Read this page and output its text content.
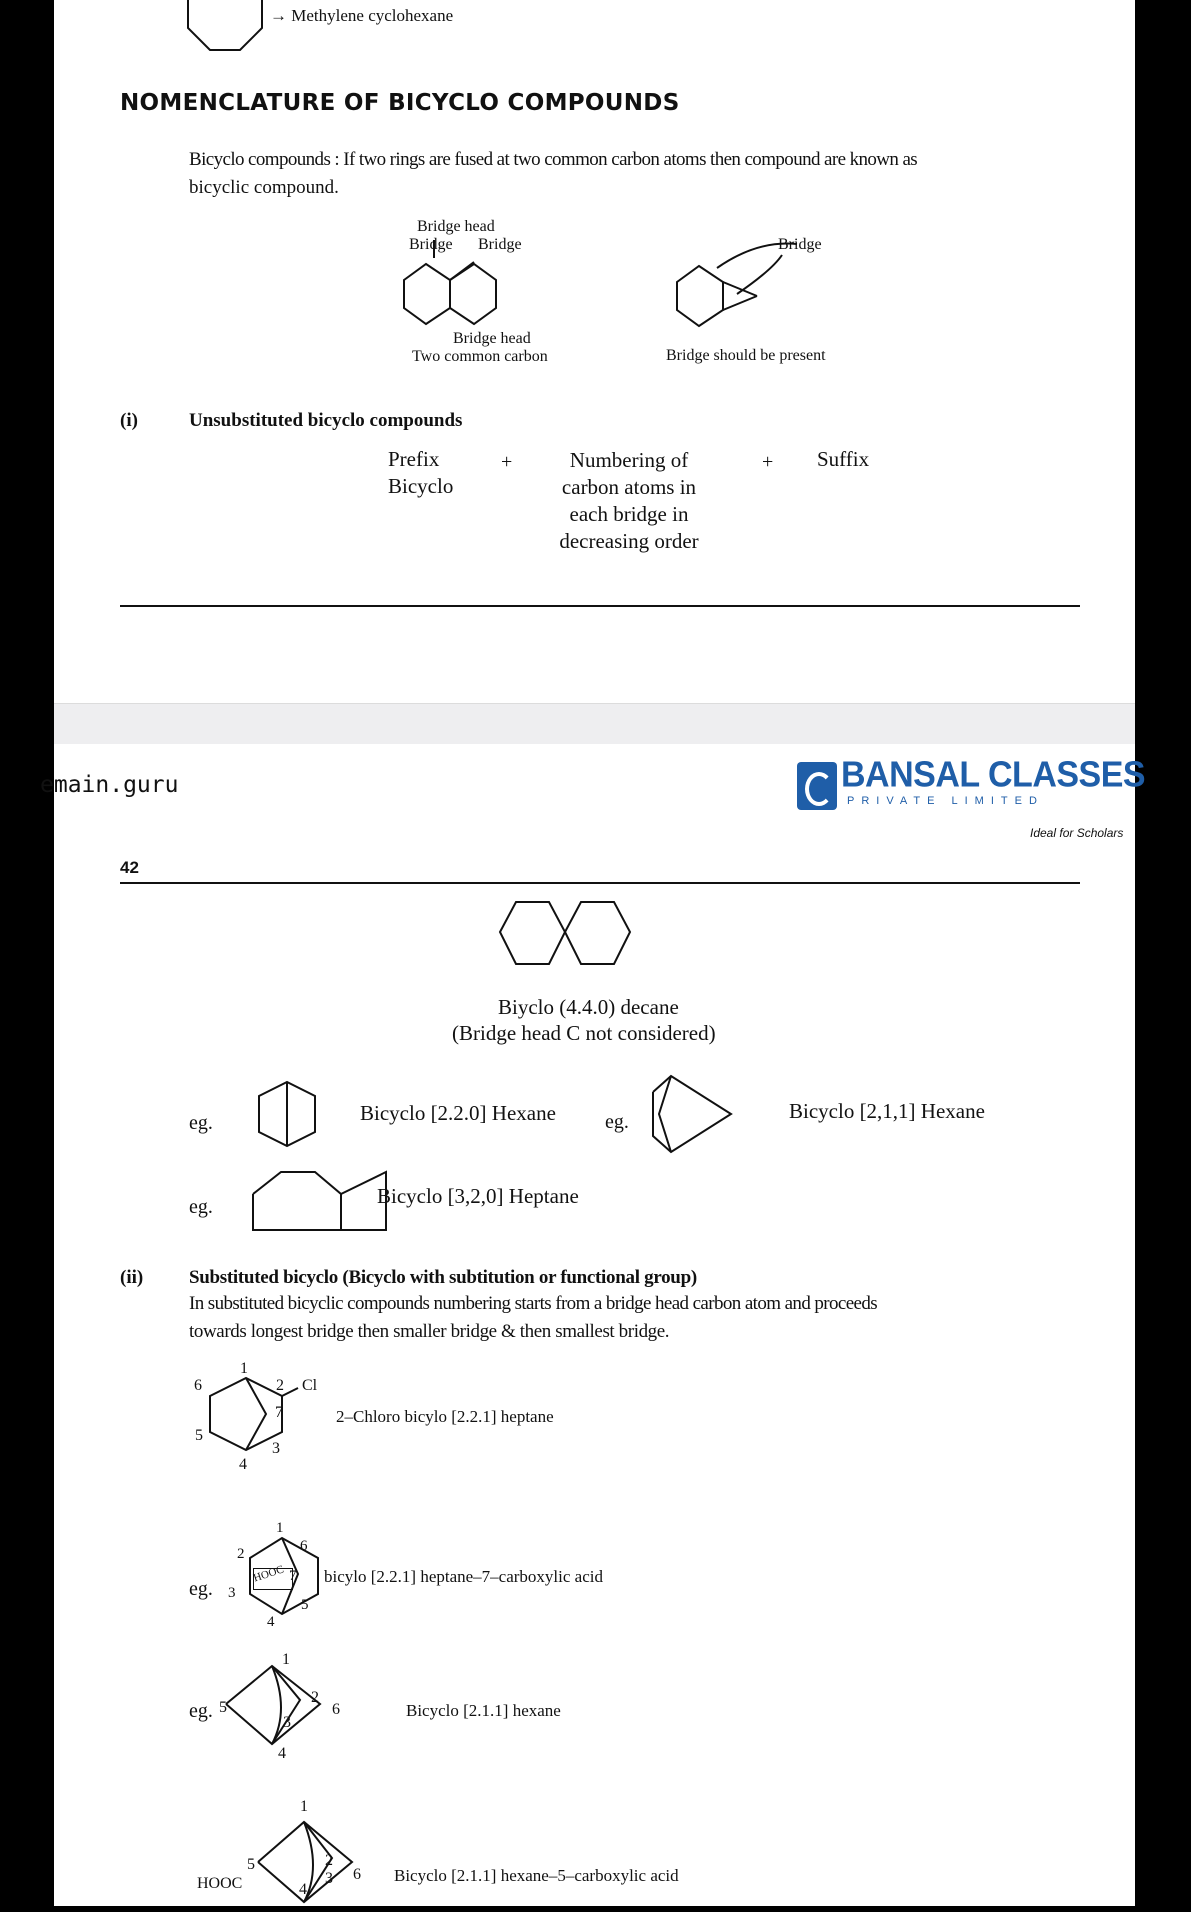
→ Methylene cyclohexane
NOMENCLATURE OF BICYCLO COMPOUNDS
Bicyclo compounds : If two rings are fused at two common carbon atoms then compound are known as
bicyclic compound.
Bridge head
Bridge Bridge
Bridge head
Two common carbon
Bridge
Bridge should be present
(i)	Unsubstituted bicyclo compounds
Prefix
Bicyclo
+	Numbering of
carbon atoms in
each bridge in
decreasing order
+ Suffix
emain.guru	BANSAL CLASSES
PRIVATE LIMITED
Ideal for Scholars
42
Biyclo (4.4.0) decane
(Bridge head C not considered)
eg.	Bicyclo [2.2.0] Hexane eg.	Bicyclo [2,1,1] Hexane
eg.	Bicyclo [3,2,0] Heptane
(ii) Substituted bicyclo (Bicyclo with subtitution or functional group)
In substituted bicyclic compounds numbering starts from a bridge head carbon atom and proceeds
towards longest bridge then smaller bridge & then smallest bridge.
6
1
2 Cl
7
5
3
4
2–Chloro bicylo [2.2.1] heptane
eg.
HOOC
2
1
6
7
3
5
4
bicylo [2.2.1] heptane–7–carboxylic acid
eg.
1
5
2
6
3
4
Bicyclo [2.1.1] hexane
HOOC
1
5	2
3 6
4
Bicyclo [2.1.1] hexane–5–carboxylic acid
